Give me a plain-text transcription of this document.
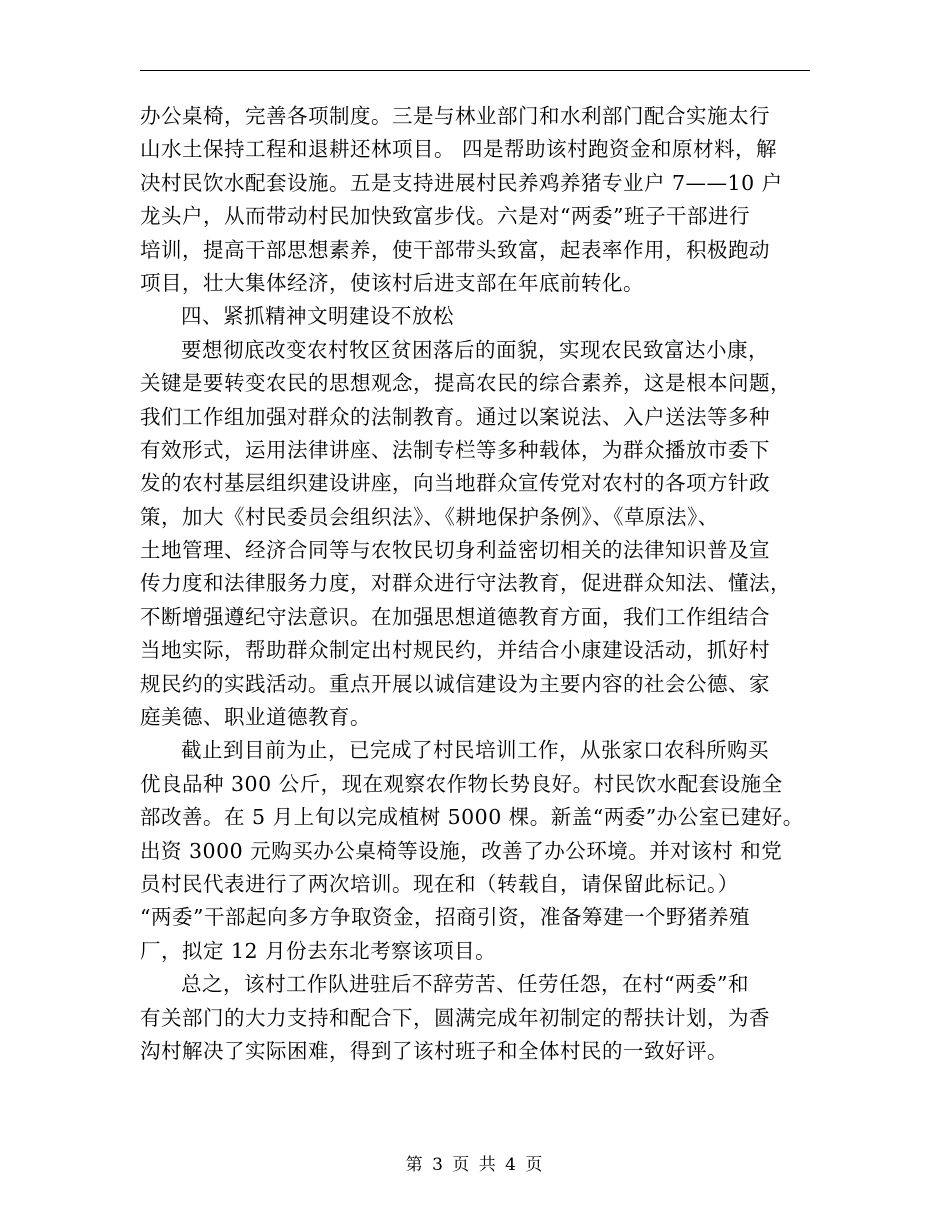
办公桌椅，完善各项制度。三是与林业部门和水利部门配合实施太行
山水土保持工程和退耕还林项目。 四是帮助该村跑资金和原材料，解
决村民饮水配套设施。五是支持进展村民养鸡养猪专业户 7——10 户
龙头户，从而带动村民加快致富步伐。六是对“两委”班子干部进行
培训，提高干部思想素养，使干部带头致富，起表率作用，积极跑动
项目，壮大集体经济，使该村后进支部在年底前转化。
四、紧抓精神文明建设不放松
要想彻底改变农村牧区贫困落后的面貌，实现农民致富达小康，
关键是要转变农民的思想观念，提高农民的综合素养，这是根本问题，
我们工作组加强对群众的法制教育。通过以案说法、入户送法等多种
有效形式，运用法律讲座、法制专栏等多种载体，为群众播放市委下
发的农村基层组织建设讲座，向当地群众宣传党对农村的各项方针政
策，加大《村民委员会组织法》、《耕地保护条例》、《草原法》、
土地管理、经济合同等与农牧民切身利益密切相关的法律知识普及宣
传力度和法律服务力度，对群众进行守法教育，促进群众知法、懂法，
不断增强遵纪守法意识。在加强思想道德教育方面，我们工作组结合
当地实际，帮助群众制定出村规民约，并结合小康建设活动，抓好村
规民约的实践活动。重点开展以诚信建设为主要内容的社会公德、家
庭美德、职业道德教育。
截止到目前为止，已完成了村民培训工作，从张家口农科所购买
优良品种 300 公斤，现在观察农作物长势良好。村民饮水配套设施全
部改善。在 5 月上旬以完成植树 5000 棵。新盖“两委”办公室已建好。
出资 3000 元购买办公桌椅等设施，改善了办公环境。并对该村 和党
员村民代表进行了两次培训。现在和（转载自，请保留此标记。）
“两委”干部起向多方争取资金，招商引资，准备筹建一个野猪养殖
厂，拟定 12 月份去东北考察该项目。
总之，该村工作队进驻后不辞劳苦、任劳任怨，在村“两委”和
有关部门的大力支持和配合下，圆满完成年初制定的帮扶计划，为香
沟村解决了实际困难，得到了该村班子和全体村民的一致好评。
第 3 页 共 4 页
